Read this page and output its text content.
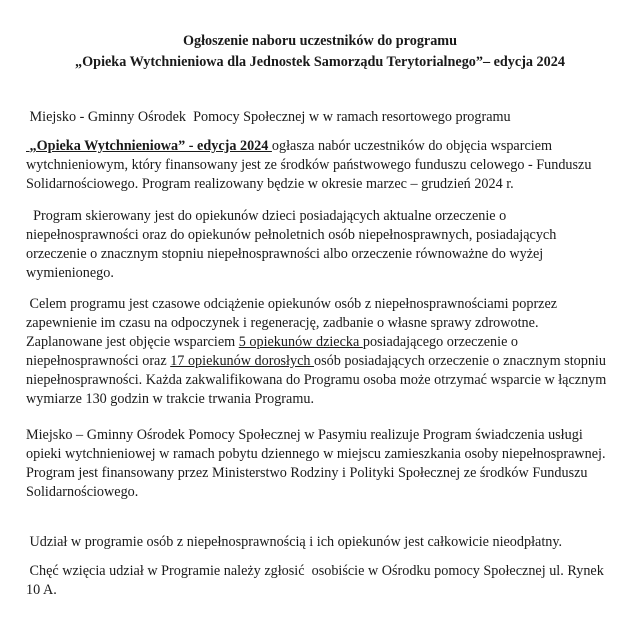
Ogłoszenie naboru uczestników do programu
„Opieka Wytchnieniowa dla Jednostek Samorządu Terytorialnego”– edycja 2024

Miejsko - Gminny Ośrodek  Pomocy Społecznej w w ramach resortowego programu

„Opieka Wytchnieniowa” - edycja 2024 ogłasza nabór uczestników do objęcia wsparciem wytchnieniowym, który finansowany jest ze środków państwowego funduszu celowego - Funduszu Solidarnościowego. Program realizowany będzie w okresie marzec – grudzień 2024 r.

Program skierowany jest do opiekunów dzieci posiadających aktualne orzeczenie o niepełnosprawności oraz do opiekunów pełnoletnich osób niepełnosprawnych, posiadających orzeczenie o znacznym stopniu niepełnosprawności albo orzeczenie równoważne do wyżej wymienionego.

Celem programu jest czasowe odciążenie opiekunów osób z niepełnosprawnościami poprzez zapewnienie im czasu na odpoczynek i regenerację, zadbanie o własne sprawy zdrowotne. Zaplanowane jest objęcie wsparciem 5 opiekunów dziecka posiadającego orzeczenie o niepełnosprawności oraz 17 opiekunów dorosłych osób posiadających orzeczenie o znacznym stopniu niepełnosprawności. Każda zakwalifikowana do Programu osoba może otrzymać wsparcie w łącznym wymiarze 130 godzin w trakcie trwania Programu.

Miejsko – Gminny Ośrodek Pomocy Społecznej w Pasymiu realizuje Program świadczenia usługi opieki wytchnieniowej w ramach pobytu dziennego w miejscu zamieszkania osoby niepełnosprawnej.
Program jest finansowany przez Ministerstwo Rodziny i Polityki Społecznej ze środków Funduszu Solidarnościowego.

Udział w programie osób z niepełnosprawnością i ich opiekunów jest całkowicie nieodpłatny.

Chęć wzięcia udział w Programie należy zgłosić  osobiście w Ośrodku pomocy Społecznej ul. Rynek 10 A.
